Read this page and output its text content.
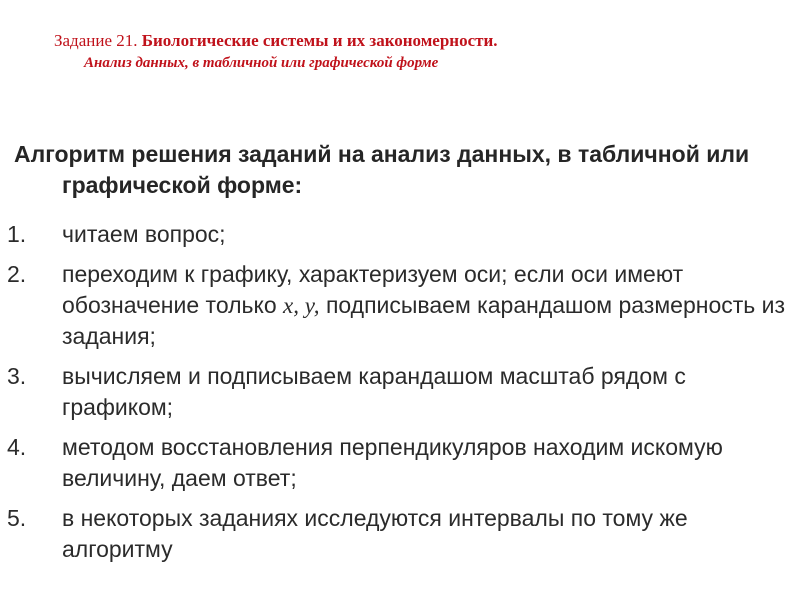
Задание 21. Биологические системы и их закономерности.
Анализ данных, в табличной или графической форме
Алгоритм решения заданий на анализ данных, в табличной или графической форме:
1. читаем вопрос;
2. переходим к графику, характеризуем оси; если оси имеют обозначение только х, у, подписываем карандашом размерность из задания;
3. вычисляем и подписываем карандашом масштаб рядом с графиком;
4. методом восстановления перпендикуляров находим искомую величину, даем ответ;
5. в некоторых заданиях исследуются интервалы по тому же алгоритму
